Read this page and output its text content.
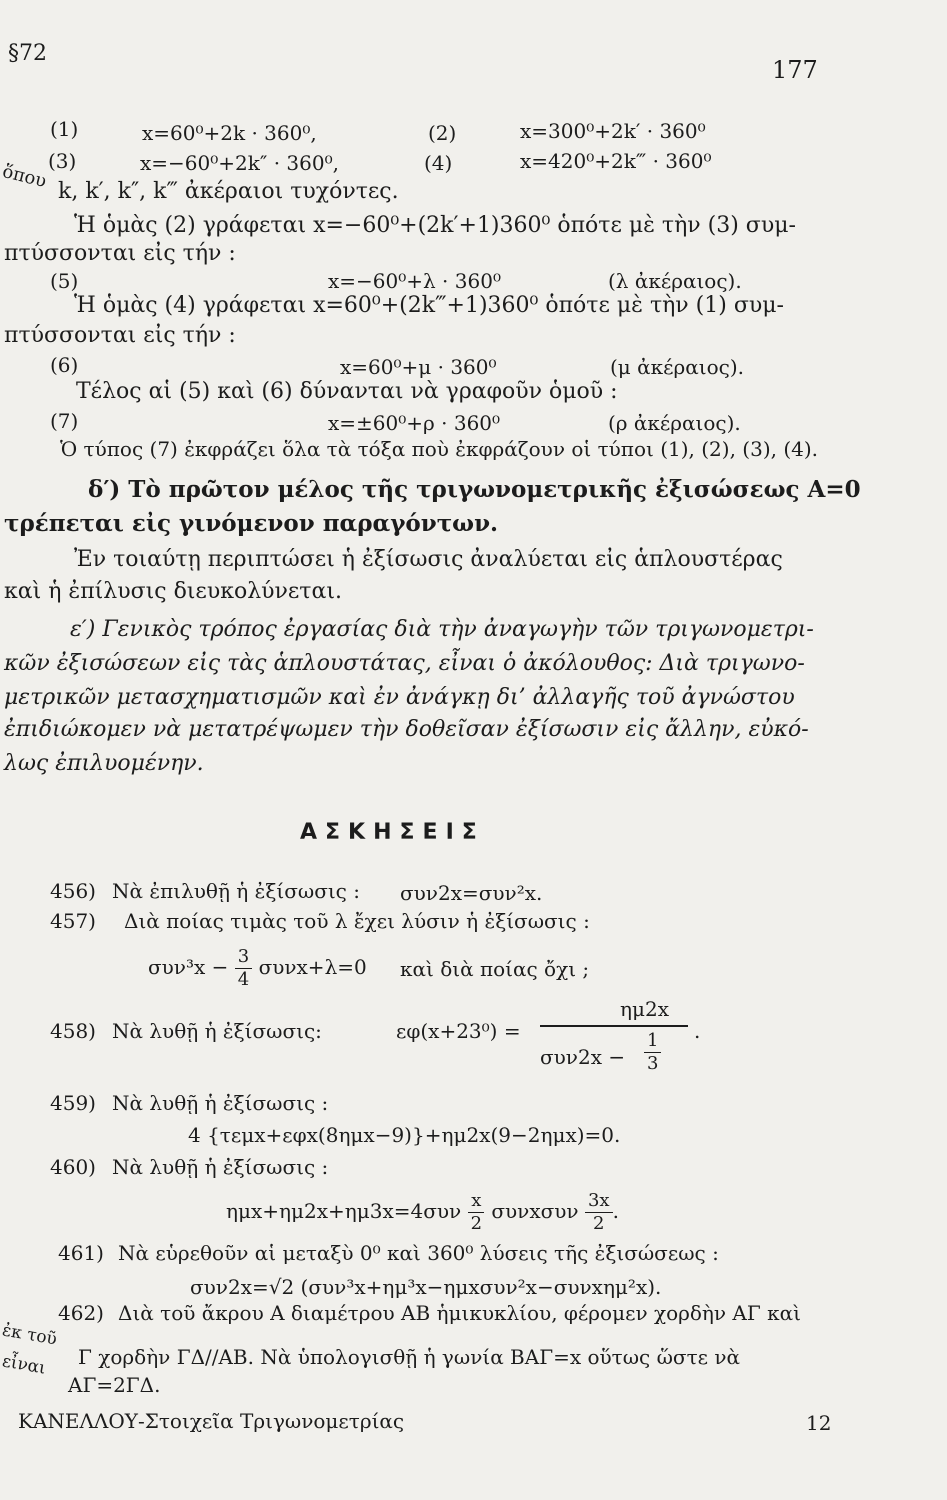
§72
177
(1)	x=60⁰+2k · 360⁰,	(2)	x=300⁰+2k′ · 360⁰
(3)	x=−60⁰+2k″ · 360⁰,	(4)	x=420⁰+2k‴ · 360⁰
ὅπου k, k′, k″, k‴ ἀκέραιοι τυχόντες.
Ἡ ὁμὰς (2) γράφεται x=−60⁰+(2k′+1)360⁰ ὁπότε μὲ τὴν (3) συμ-
πτύσσονται εἰς τήν :
(5)	x=−60⁰+λ · 360⁰	(λ ἀκέραιος).
Ἡ ὁμὰς (4) γράφεται x=60⁰+(2k‴+1)360⁰ ὁπότε μὲ τὴν (1) συμ-
πτύσσονται εἰς τήν :
(6)	x=60⁰+μ · 360⁰	(μ ἀκέραιος).
Τέλος αἱ (5) καὶ (6) δύνανται νὰ γραφοῦν ὁμοῦ :
(7)	x=±60⁰+ρ · 360⁰	(ρ ἀκέραιος).
Ὁ τύπος (7) ἐκφράζει ὅλα τὰ τόξα ποὺ ἐκφράζουν οἱ τύποι (1), (2), (3), (4).
δ′) Τὸ πρῶτον μέλος τῆς τριγωνομετρικῆς ἐξισώσεως Α=0
τρέπεται εἰς γινόμενον παραγόντων.
Ἐν τοιαύτῃ περιπτώσει ἡ ἐξίσωσις ἀναλύεται εἰς ἁπλουστέρας
καὶ ἡ ἐπίλυσις διευκολύνεται.
ε′) Γενικὸς τρόπος ἐργασίας διὰ τὴν ἀναγωγὴν τῶν τριγωνομετρι-
κῶν ἐξισώσεων εἰς τὰς ἁπλουστάτας, εἶναι ὁ ἀκόλουθος: Διὰ τριγωνο-
μετρικῶν μετασχηματισμῶν καὶ ἐν ἀνάγκῃ δι’ ἀλλαγῆς τοῦ ἀγνώστου
ἐπιδιώκομεν νὰ μετατρέψωμεν τὴν δοθεῖσαν ἐξίσωσιν εἰς ἄλλην, εὐκό-
λως ἐπιλυομένην.
ΑΣΚΗΣΕΙΣ
456) Νὰ ἐπιλυθῇ ἡ ἐξίσωσις : συν2x=συν²x.
457) Διὰ ποίας τιμὰς τοῦ λ ἔχει λύσιν ἡ ἐξίσωσις :
$\sigma\upsilon\nu^3x - \frac{3}{4} \sigma\upsilon\nu x+\lambda=0$ καὶ διὰ ποίας ὄχι ;
458) Νὰ λυθῇ ἡ ἐξίσωσις:	εφ(x+23⁰) =
ημ2x
.
$\sigma\upsilon\nu 2x - \frac{1}{3}$
459) Νὰ λυθῇ ἡ ἐξίσωσις :
4 {τεμx+εφx(8ημx−9)}+ημ2x(9−2ημx)=0.
460) Νὰ λυθῇ ἡ ἐξίσωσις :
$\eta\mu x+\eta\mu 2x+\eta\mu 3x=4\sigma\upsilon\nu \frac{x}{2}$ συνxσυν $\frac{3x}{2}$ .
461) Νὰ εὑρεθοῦν αἱ μεταξὺ 0⁰ καὶ 360⁰ λύσεις τῆς ἐξισώσεως :
συν2x=√2 (συν³x+ημ³x−ημxσυν²x−συνxημ²x).
462) Διὰ τοῦ ἄκρου Α διαμέτρου ΑΒ ἡμικυκλίου, φέρομεν χορδὴν ΑΓ καὶ
ἐκ τοῦ
Γ χορδὴν ΓΔ//ΑΒ. Νὰ ὑπολογισθῇ ἡ γωνία ΒΑΓ=x οὕτως ὥστε νὰ
εἶναι
ΑΓ=2ΓΔ.
ΚΑΝΕΛΛΟΥ-Στοιχεῖα Τριγωνομετρίας	12
